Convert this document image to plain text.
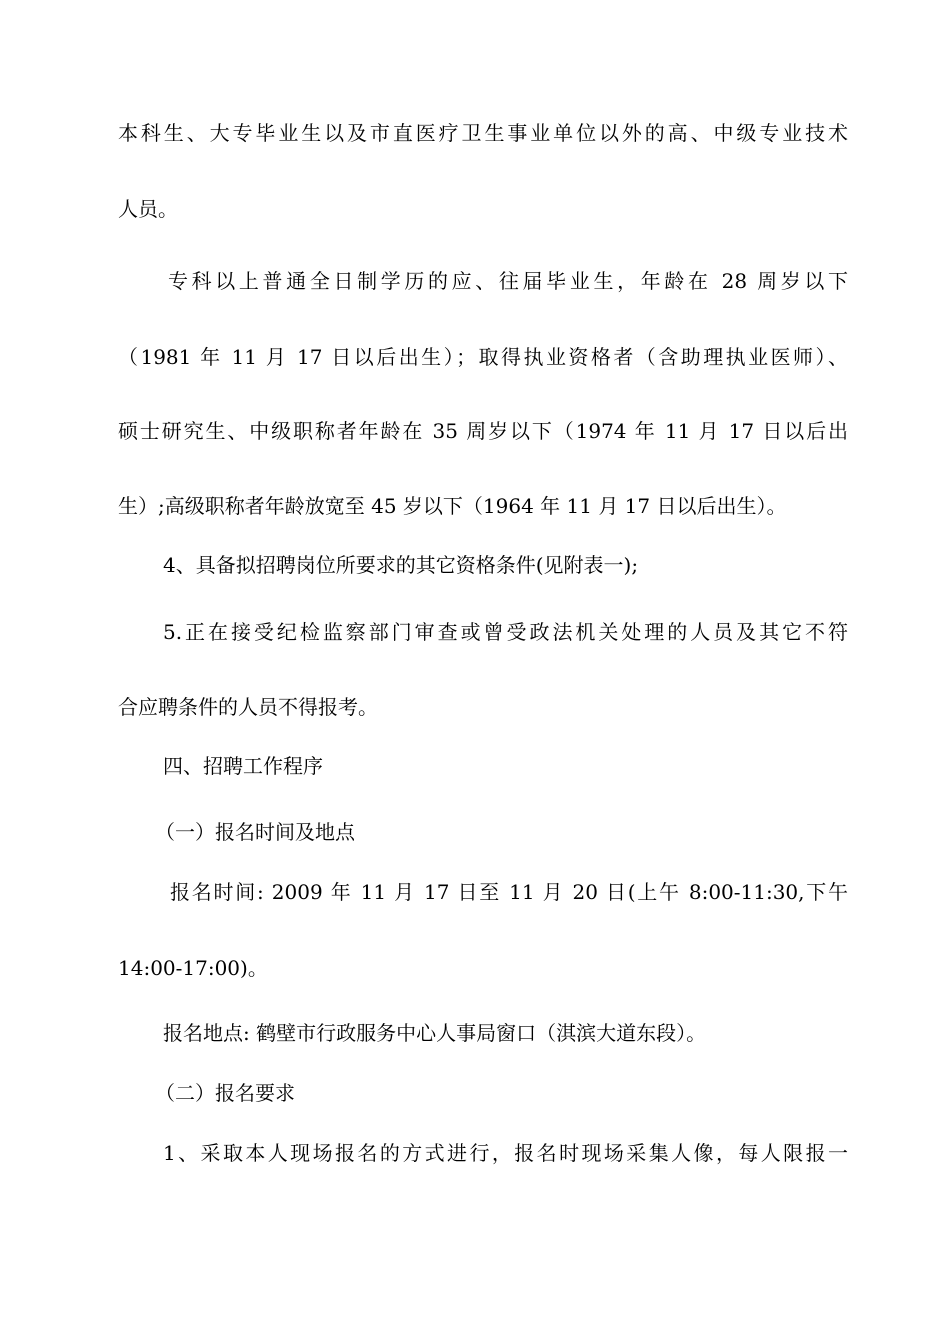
本科生、大专毕业生以及市直医疗卫生事业单位以外的高、中级专业技术
人员。
专科以上普通全日制学历的应、往届毕业生，年龄在 28 周岁以下
（1981 年 11 月 17 日以后出生）；取得执业资格者（含助理执业医师）、
硕士研究生、中级职称者年龄在 35 周岁以下（1974 年 11 月 17 日以后出
生）;高级职称者年龄放宽至 45 岁以下（1964 年 11 月 17 日以后出生）。
4、具备拟招聘岗位所要求的其它资格条件(见附表一);
5.正在接受纪检监察部门审查或曾受政法机关处理的人员及其它不符
合应聘条件的人员不得报考。
四、招聘工作程序
（一）报名时间及地点
报名时间: 2009 年 11 月 17 日至 11 月 20 日(上午 8:00-11:30,下午
14:00-17:00)。
报名地点: 鹤壁市行政服务中心人事局窗口（淇滨大道东段）。
（二）报名要求
1、采取本人现场报名的方式进行，报名时现场采集人像，每人限报一
